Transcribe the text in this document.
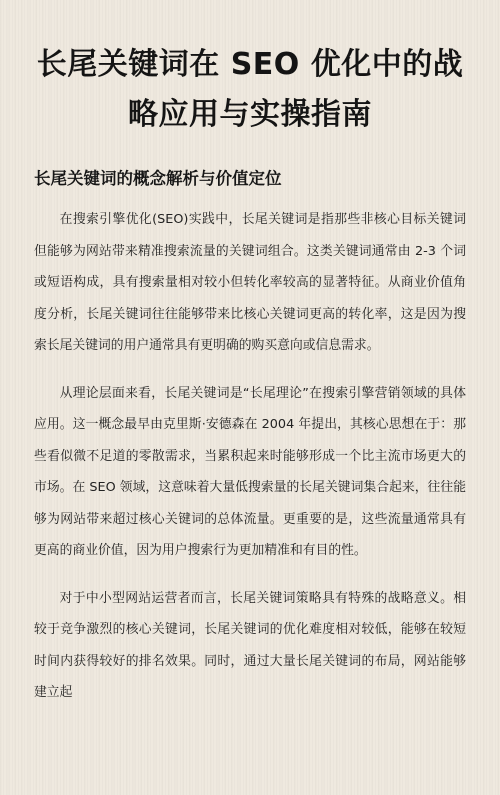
长尾关键词在 SEO 优化中的战略应用与实操指南
长尾关键词的概念解析与价值定位

在搜索引擎优化(SEO)实践中，长尾关键词是指那些非核心目标关键词但能够为网站带来精准搜索流量的关键词组合。这类关键词通常由 2-3 个词或短语构成，具有搜索量相对较小但转化率较高的显著特征。从商业价值角度分析，长尾关键词往往能够带来比核心关键词更高的转化率，这是因为搜索长尾关键词的用户通常具有更明确的购买意向或信息需求。

从理论层面来看，长尾关键词是“长尾理论”在搜索引擎营销领域的具体应用。这一概念最早由克里斯·安德森在 2004 年提出，其核心思想在于：那些看似微不足道的零散需求，当累积起来时能够形成一个比主流市场更大的市场。在 SEO 领域，这意味着大量低搜索量的长尾关键词集合起来，往往能够为网站带来超过核心关键词的总体流量。更重要的是，这些流量通常具有更高的商业价值，因为用户搜索行为更加精准和有目的性。

对于中小型网站运营者而言，长尾关键词策略具有特殊的战略意义。相较于竞争激烈的核心关键词，长尾关键词的优化难度相对较低，能够在较短时间内获得较好的排名效果。同时，通过大量长尾关键词的布局，网站能够建立起
